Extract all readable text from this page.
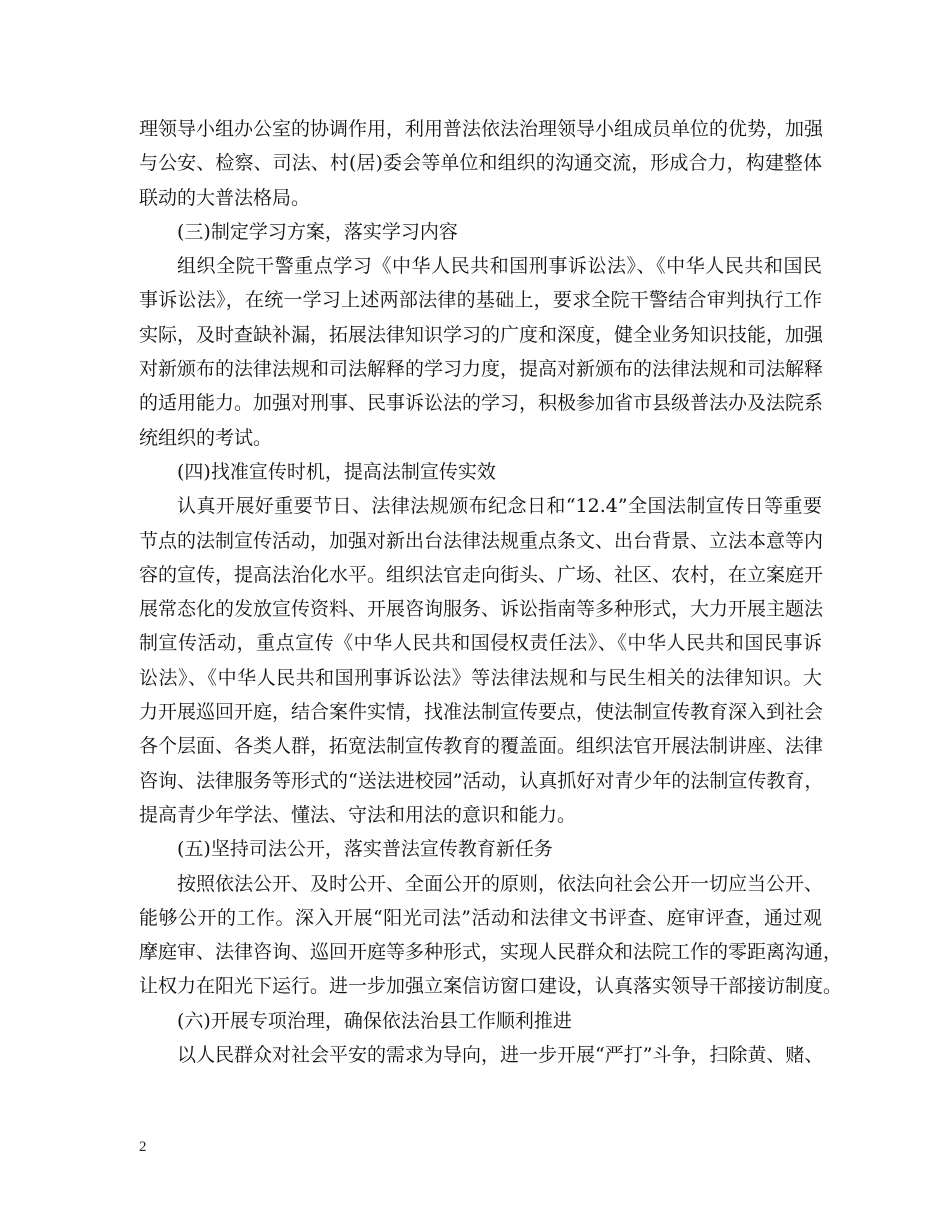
理领导小组办公室的协调作用，利用普法依法治理领导小组成员单位的优势，加强
与公安、检察、司法、村(居)委会等单位和组织的沟通交流，形成合力，构建整体
联动的大普法格局。
(三)制定学习方案，落实学习内容
组织全院干警重点学习《中华人民共和国刑事诉讼法》、《中华人民共和国民
事诉讼法》，在统一学习上述两部法律的基础上，要求全院干警结合审判执行工作
实际，及时查缺补漏，拓展法律知识学习的广度和深度，健全业务知识技能，加强
对新颁布的法律法规和司法解释的学习力度，提高对新颁布的法律法规和司法解释
的适用能力。加强对刑事、民事诉讼法的学习，积极参加省市县级普法办及法院系
统组织的考试。
(四)找准宣传时机，提高法制宣传实效
认真开展好重要节日、法律法规颁布纪念日和“12.4”全国法制宣传日等重要
节点的法制宣传活动，加强对新出台法律法规重点条文、出台背景、立法本意等内
容的宣传，提高法治化水平。组织法官走向街头、广场、社区、农村，在立案庭开
展常态化的发放宣传资料、开展咨询服务、诉讼指南等多种形式，大力开展主题法
制宣传活动，重点宣传《中华人民共和国侵权责任法》、《中华人民共和国民事诉
讼法》、《中华人民共和国刑事诉讼法》等法律法规和与民生相关的法律知识。大
力开展巡回开庭，结合案件实情，找准法制宣传要点，使法制宣传教育深入到社会
各个层面、各类人群，拓宽法制宣传教育的覆盖面。组织法官开展法制讲座、法律
咨询、法律服务等形式的“送法进校园”活动，认真抓好对青少年的法制宣传教育，
提高青少年学法、懂法、守法和用法的意识和能力。
(五)坚持司法公开，落实普法宣传教育新任务
按照依法公开、及时公开、全面公开的原则，依法向社会公开一切应当公开、
能够公开的工作。深入开展“阳光司法”活动和法律文书评查、庭审评查，通过观
摩庭审、法律咨询、巡回开庭等多种形式，实现人民群众和法院工作的零距离沟通，
让权力在阳光下运行。进一步加强立案信访窗口建设，认真落实领导干部接访制度。
(六)开展专项治理，确保依法治县工作顺利推进
以人民群众对社会平安的需求为导向，进一步开展“严打”斗争，扫除黄、赌、
2
